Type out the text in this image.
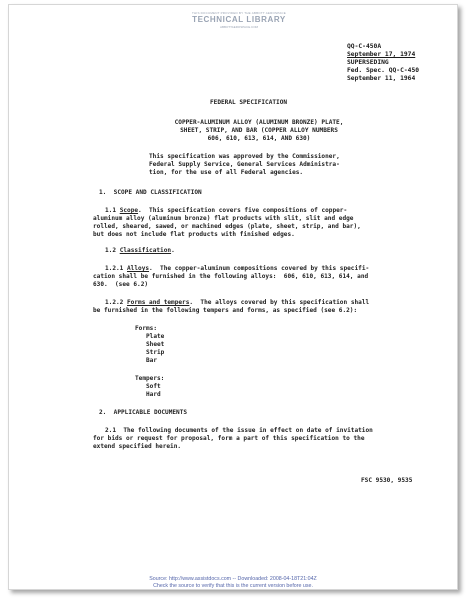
THIS DOCUMENT PROVIDED BY THE ABBOTT AEROSPACE
TECHNICAL LIBRARY
ABBOTTAEROSPACE.COM
QQ-C-450A
September 17, 1974
SUPERSEDING
Fed. Spec. QQ-C-450
September 11, 1964
FEDERAL SPECIFICATION
COPPER-ALUMINUM ALLOY (ALUMINUM BRONZE) PLATE,
SHEET, STRIP, AND BAR (COPPER ALLOY NUMBERS
606, 610, 613, 614, AND 630)
This specification was approved by the Commissioner,
Federal Supply Service, General Services Administra-
tion, for the use of all Federal agencies.
1.  SCOPE AND CLASSIFICATION
1.1 Scope.  This specification covers five compositions of copper-
aluminum alloy (aluminum bronze) flat products with slit, slit and edge
rolled, sheared, sawed, or machined edges (plate, sheet, strip, and bar),
but does not include flat products with finished edges.
1.2 Classification.
1.2.1 Alloys.  The copper-aluminum compositions covered by this specifi-
cation shall be furnished in the following alloys:  606, 610, 613, 614, and
630.  (see 6.2)
1.2.2 Forms and tempers.  The alloys covered by this specification shall
be furnished in the following tempers and forms, as specified (see 6.2):
Forms:
Plate
Sheet
Strip
Bar
Tempers:
Soft
Hard
2.  APPLICABLE DOCUMENTS
2.1  The following documents of the issue in effect on date of invitation
for bids or request for proposal, form a part of this specification to the
extend specified herein.
FSC 9530, 9535
Source: http://www.assistdocs.com -- Downloaded: 2008-04-18T21:04Z
Check the source to verify that this is the current version before use.
